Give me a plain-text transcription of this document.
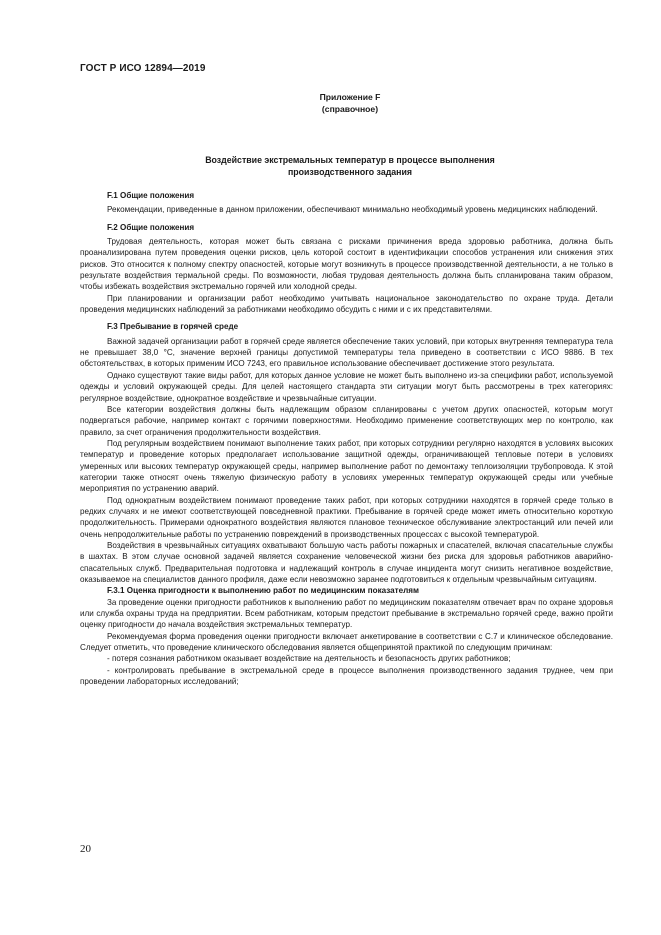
ГОСТ Р ИСО 12894—2019
Приложение F
(справочное)
Воздействие экстремальных температур в процессе выполнения
производственного задания
F.1 Общие положения

Рекомендации, приведенные в данном приложении, обеспечивают минимально необходимый уровень медицинских наблюдений.

F.2 Общие положения

Трудовая деятельность, которая может быть связана с рисками причинения вреда здоровью работника, должна быть проанализирована путем проведения оценки рисков, цель которой состоит в идентификации способов устранения или снижения этих рисков. Это относится к полному спектру опасностей, которые могут возникнуть в процессе производственной деятельности, а не только в результате воздействия термальной среды. По возможности, любая трудовая деятельность должна быть спланирована таким образом, чтобы избежать воздействия экстремально горячей или холодной среды.

При планировании и организации работ необходимо учитывать национальное законодательство по охране труда. Детали проведения медицинских наблюдений за работниками необходимо обсудить с ними и с их представителями.

F.3 Пребывание в горячей среде

Важной задачей организации работ в горячей среде является обеспечение таких условий, при которых внутренняя температура тела не превышает 38,0 °С, значение верхней границы допустимой температуры тела приведено в соответствии с ИСО 9886. В тех обстоятельствах, в которых применим ИСО 7243, его правильное использование обеспечивает достижение этого результата.

Однако существуют такие виды работ, для которых данное условие не может быть выполнено из-за специфики работ, используемой одежды и условий окружающей среды. Для целей настоящего стандарта эти ситуации могут быть рассмотрены в трех категориях: регулярное воздействие, однократное воздействие и чрезвычайные ситуации.

Все категории воздействия должны быть надлежащим образом спланированы с учетом других опасностей, которым могут подвергаться рабочие, например контакт с горячими поверхностями. Необходимо применение соответствующих мер по контролю, как правило, за счет ограничения продолжительности воздействия.

Под регулярным воздействием понимают выполнение таких работ, при которых сотрудники регулярно находятся в условиях высоких температур и проведение которых предполагает использование защитной одежды, ограничивающей тепловые потери в условиях умеренных или высоких температур окружающей среды, например выполнение работ по демонтажу теплоизоляции трубопровода. К этой категории также относят очень тяжелую физическую работу в условиях умеренных температур окружающей среды или учебные мероприятия по устранению аварий.

Под однократным воздействием понимают проведение таких работ, при которых сотрудники находятся в горячей среде только в редких случаях и не имеют соответствующей повседневной практики. Пребывание в горячей среде может иметь относительно короткую продолжительность. Примерами однократного воздействия являются плановое техническое обслуживание электростанций или печей или очень непродолжительные работы по устранению повреждений в производственных процессах с высокой температурой.

Воздействия в чрезвычайных ситуациях охватывают большую часть работы пожарных и спасателей, включая спасательные службы в шахтах. В этом случае основной задачей является сохранение человеческой жизни без риска для здоровья работников аварийно-спасательных служб. Предварительная подготовка и надлежащий контроль в случае инцидента могут снизить негативное воздействие, оказываемое на специалистов данного профиля, даже если невозможно заранее подготовиться к отдельным чрезвычайным ситуациям.

F.3.1 Оценка пригодности к выполнению работ по медицинским показателям

За проведение оценки пригодности работников к выполнению работ по медицинским показателям отвечает врач по охране здоровья или служба охраны труда на предприятии. Всем работникам, которым предстоит пребывание в экстремально горячей среде, важно пройти оценку пригодности до начала воздействия экстремальных температур.

Рекомендуемая форма проведения оценки пригодности включает анкетирование в соответствии с С.7 и клиническое обследование. Следует отметить, что проведение клинического обследования является общепринятой практикой по следующим причинам:

- потеря сознания работником оказывает воздействие на деятельность и безопасность других работников;

- контролировать пребывание в экстремальной среде в процессе выполнения производственного задания труднее, чем при проведении лабораторных исследований;

20
